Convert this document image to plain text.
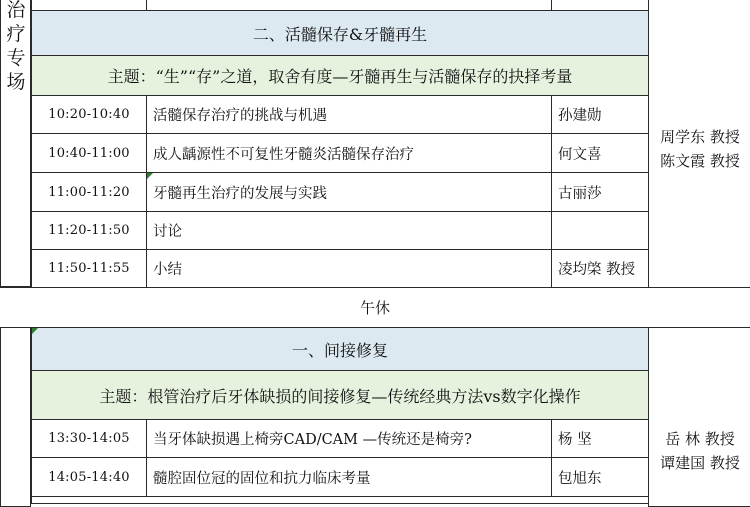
治
疗
专
场
二、活髓保存&牙髓再生
主题：“生”“存”之道，取舍有度—牙髓再生与活髓保存的抉择考量
10:20-10:40	活髓保存治疗的挑战与机遇	孙建勋
10:40-11:00	成人龋源性不可复性牙髓炎活髓保存治疗	何文喜
11:00-11:20	牙髓再生治疗的发展与实践	古丽莎
11:20-11:50	讨论
11:50-11:55	小结	凌均棨 教授
周学东 教授
陈文霞 教授
午休
一、间接修复
主题：根管治疗后牙体缺损的间接修复—传统经典方法vs数字化操作
13:30-14:05	当牙体缺损遇上椅旁CAD/CAM —传统还是椅旁?	杨 坚
14:05-14:40	髓腔固位冠的固位和抗力临床考量	包旭东
岳 林 教授
谭建国 教授
